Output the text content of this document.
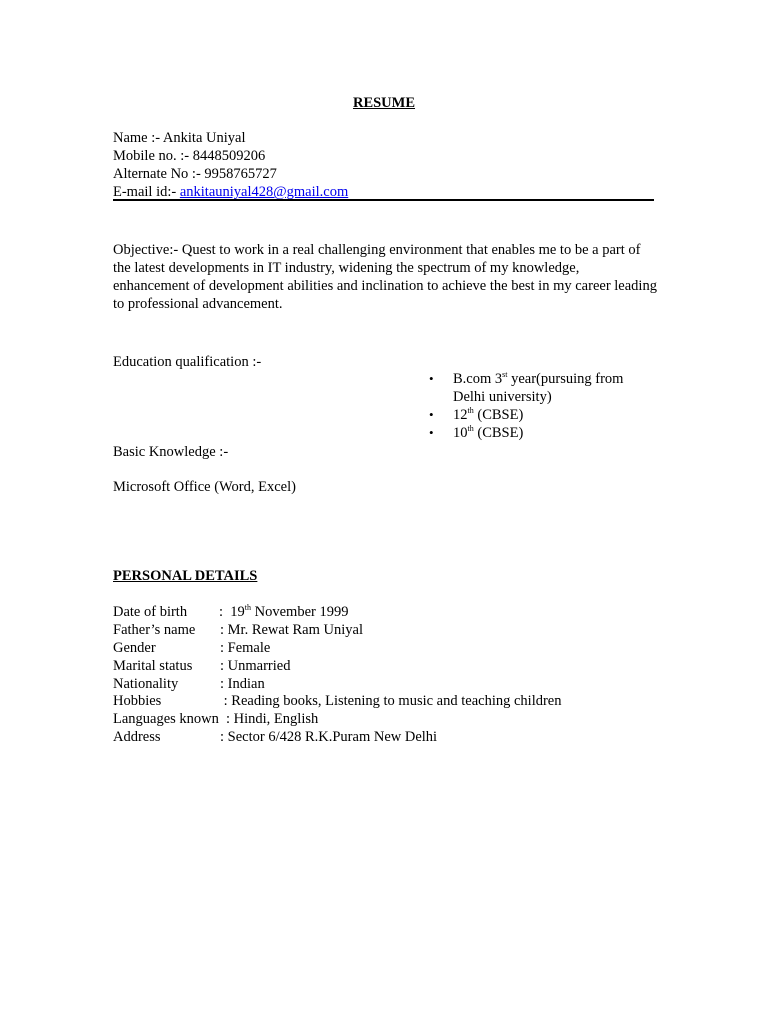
RESUME
Name :- Ankita Uniyal
Mobile no. :- 8448509206
Alternate No :- 9958765727
E-mail id:- ankitauniyal428@gmail.com
Objective:- Quest to work in a real challenging environment that enables me to be a part of the latest developments in IT industry, widening the spectrum of my knowledge, enhancement of development abilities and inclination to achieve the best in my career leading to professional advancement.
Education qualification :-
• B.com 3st year(pursuing from Delhi university)
• 12th (CBSE)
• 10th (CBSE)
Basic Knowledge :-
Microsoft Office (Word, Excel)
PERSONAL DETAILS
Date of birth :  19th November 1999
Father’s name : Mr. Rewat Ram Uniyal
Gender	: Female
Marital status : Unmarried
Nationality	: Indian
Hobbies	: Reading books, Listening to music and teaching children
Languages known : Hindi, English
Address	: Sector 6/428 R.K.Puram New Delhi
